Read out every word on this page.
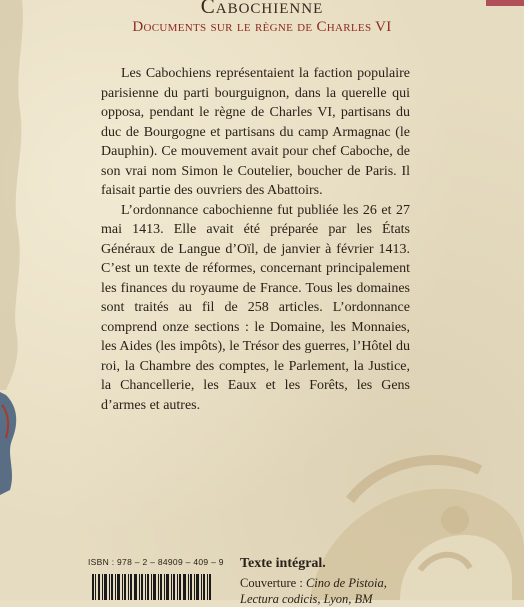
Cabochienne
Documents sur le règne de Charles VI

Les Cabochiens représentaient la faction populaire parisienne du parti bourguignon, dans la querelle qui opposa, pendant le règne de Charles VI, partisans du duc de Bourgogne et partisans du camp Armagnac (le Dauphin). Ce mouvement avait pour chef Caboche, de son vrai nom Simon le Coutelier, boucher de Paris. Il faisait partie des ouvriers des Abattoirs.

L’ordonnance cabochienne fut publiée les 26 et 27 mai 1413. Elle avait été préparée par les États Généraux de Langue d’Oïl, de janvier à février 1413. C’est un texte de réformes, concernant principalement les finances du royaume de France. Tous les domaines sont traités au fil de 258 articles. L’ordonnance comprend onze sections : le Domaine, les Monnaies, les Aides (les impôts), le Trésor des guerres, l’Hôtel du roi, la Chambre des comptes, le Parlement, la Justice, la Chancellerie, les Eaux et les Forêts, les Gens d’armes et autres.

ISBN : 978 – 2 – 84909 – 409 – 9 Texte intégral.
Couverture : Cino de Pistoia,
Lectura codicis, Lyon, BM
